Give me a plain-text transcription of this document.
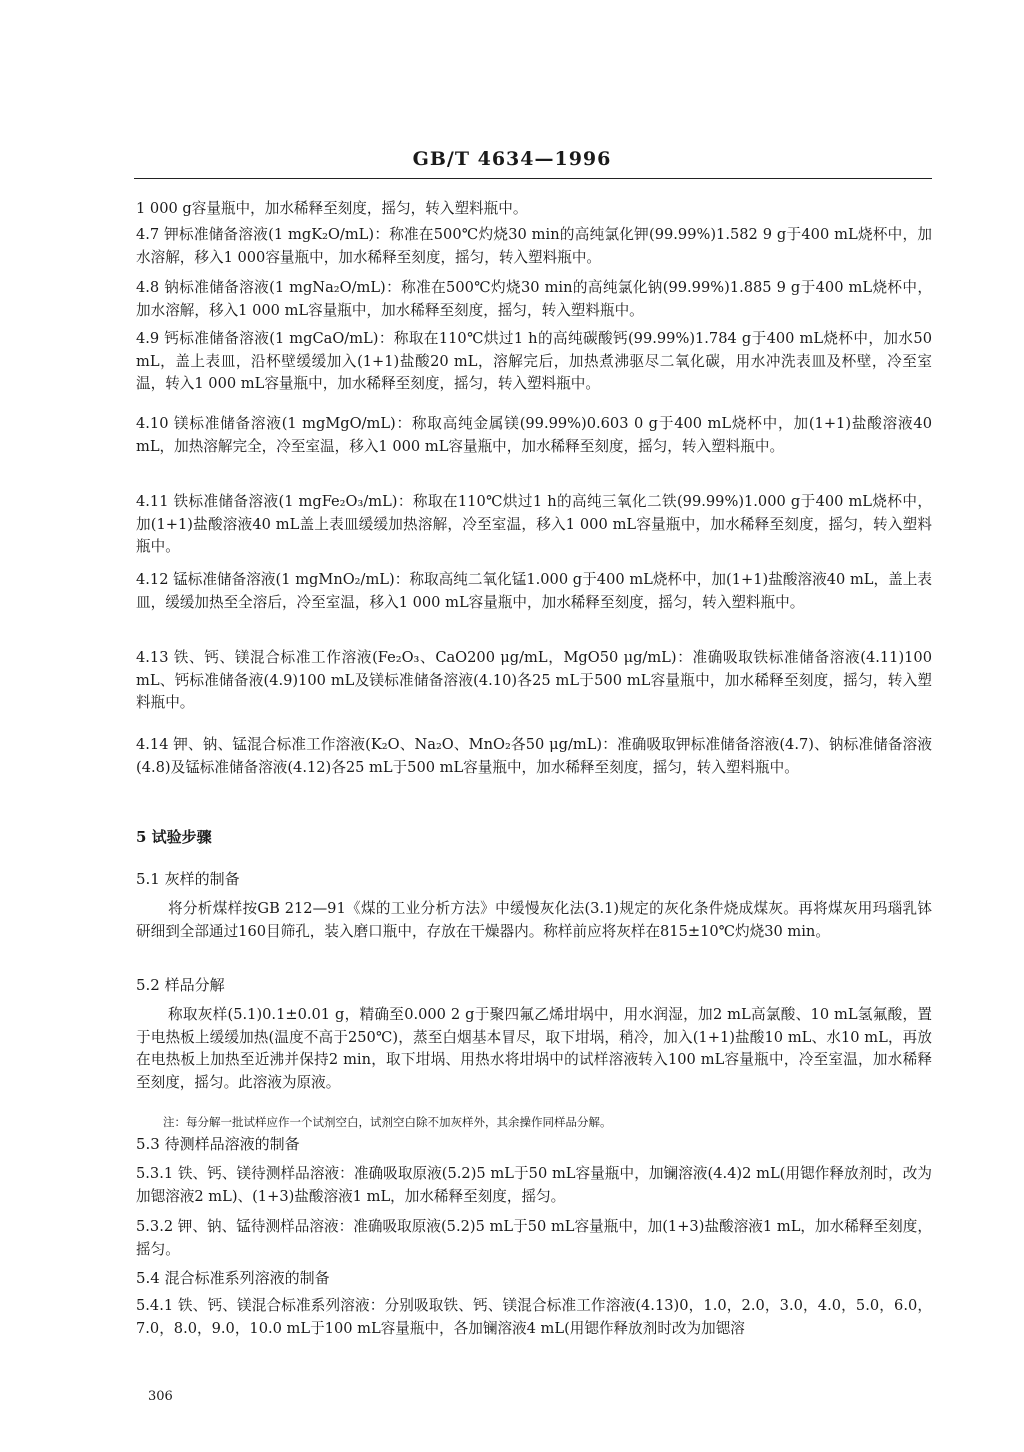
GB/T 4634—1996

1 000 g容量瓶中，加水稀释至刻度，摇匀，转入塑料瓶中。

4.7 钾标准储备溶液(1 mgK₂O/mL)：称准在500℃灼烧30 min的高纯氯化钾(99.99%)1.582 9 g于400 mL烧杯中，加水溶解，移入1 000容量瓶中，加水稀释至刻度，摇匀，转入塑料瓶中。

4.8 钠标准储备溶液(1 mgNa₂O/mL)：称准在500℃灼烧30 min的高纯氯化钠(99.99%)1.885 9 g于400 mL烧杯中，加水溶解，移入1 000 mL容量瓶中，加水稀释至刻度，摇匀，转入塑料瓶中。

4.9 钙标准储备溶液(1 mgCaO/mL)：称取在110℃烘过1 h的高纯碳酸钙(99.99%)1.784 g于400 mL烧杯中，加水50 mL，盖上表皿，沿杯壁缓缓加入(1+1)盐酸20 mL，溶解完后，加热煮沸驱尽二氧化碳，用水冲洗表皿及杯壁，冷至室温，转入1 000 mL容量瓶中，加水稀释至刻度，摇匀，转入塑料瓶中。

4.10 镁标准储备溶液(1 mgMgO/mL)：称取高纯金属镁(99.99%)0.603 0 g于400 mL烧杯中，加(1+1)盐酸溶液40 mL，加热溶解完全，冷至室温，移入1 000 mL容量瓶中，加水稀释至刻度，摇匀，转入塑料瓶中。

4.11 铁标准储备溶液(1 mgFe₂O₃/mL)：称取在110℃烘过1 h的高纯三氧化二铁(99.99%)1.000 g于400 mL烧杯中，加(1+1)盐酸溶液40 mL盖上表皿缓缓加热溶解，冷至室温，移入1 000 mL容量瓶中，加水稀释至刻度，摇匀，转入塑料瓶中。

4.12 锰标准储备溶液(1 mgMnO₂/mL)：称取高纯二氧化锰1.000 g于400 mL烧杯中，加(1+1)盐酸溶液40 mL，盖上表皿，缓缓加热至全溶后，冷至室温，移入1 000 mL容量瓶中，加水稀释至刻度，摇匀，转入塑料瓶中。

4.13 铁、钙、镁混合标准工作溶液(Fe₂O₃、CaO200 μg/mL，MgO50 μg/mL)：准确吸取铁标准储备溶液(4.11)100 mL、钙标准储备液(4.9)100 mL及镁标准储备溶液(4.10)各25 mL于500 mL容量瓶中，加水稀释至刻度，摇匀，转入塑料瓶中。

4.14 钾、钠、锰混合标准工作溶液(K₂O、Na₂O、MnO₂各50 μg/mL)：准确吸取钾标准储备溶液(4.7)、钠标准储备溶液(4.8)及锰标准储备溶液(4.12)各25 mL于500 mL容量瓶中，加水稀释至刻度，摇匀，转入塑料瓶中。

5 试验步骤

5.1 灰样的制备

将分析煤样按GB 212—91《煤的工业分析方法》中缓慢灰化法(3.1)规定的灰化条件烧成煤灰。再将煤灰用玛瑙乳钵研细到全部通过160目筛孔，装入磨口瓶中，存放在干燥器内。称样前应将灰样在815±10℃灼烧30 min。

5.2 样品分解

称取灰样(5.1)0.1±0.01 g，精确至0.000 2 g于聚四氟乙烯坩埚中，用水润湿，加2 mL高氯酸、10 mL氢氟酸，置于电热板上缓缓加热(温度不高于250℃)，蒸至白烟基本冒尽，取下坩埚，稍冷，加入(1+1)盐酸10 mL、水10 mL，再放在电热板上加热至近沸并保持2 min，取下坩埚、用热水将坩埚中的试样溶液转入100 mL容量瓶中，冷至室温，加水稀释至刻度，摇匀。此溶液为原液。

注：每分解一批试样应作一个试剂空白，试剂空白除不加灰样外，其余操作同样品分解。

5.3 待测样品溶液的制备

5.3.1 铁、钙、镁待测样品溶液：准确吸取原液(5.2)5 mL于50 mL容量瓶中，加镧溶液(4.4)2 mL(用锶作释放剂时，改为加锶溶液2 mL)、(1+3)盐酸溶液1 mL，加水稀释至刻度，摇匀。

5.3.2 钾、钠、锰待测样品溶液：准确吸取原液(5.2)5 mL于50 mL容量瓶中，加(1+3)盐酸溶液1 mL，加水稀释至刻度，摇匀。

5.4 混合标准系列溶液的制备

5.4.1 铁、钙、镁混合标准系列溶液：分别吸取铁、钙、镁混合标准工作溶液(4.13)0，1.0，2.0，3.0，4.0，5.0，6.0，7.0，8.0，9.0，10.0 mL于100 mL容量瓶中，各加镧溶液4 mL(用锶作释放剂时改为加锶溶

306
